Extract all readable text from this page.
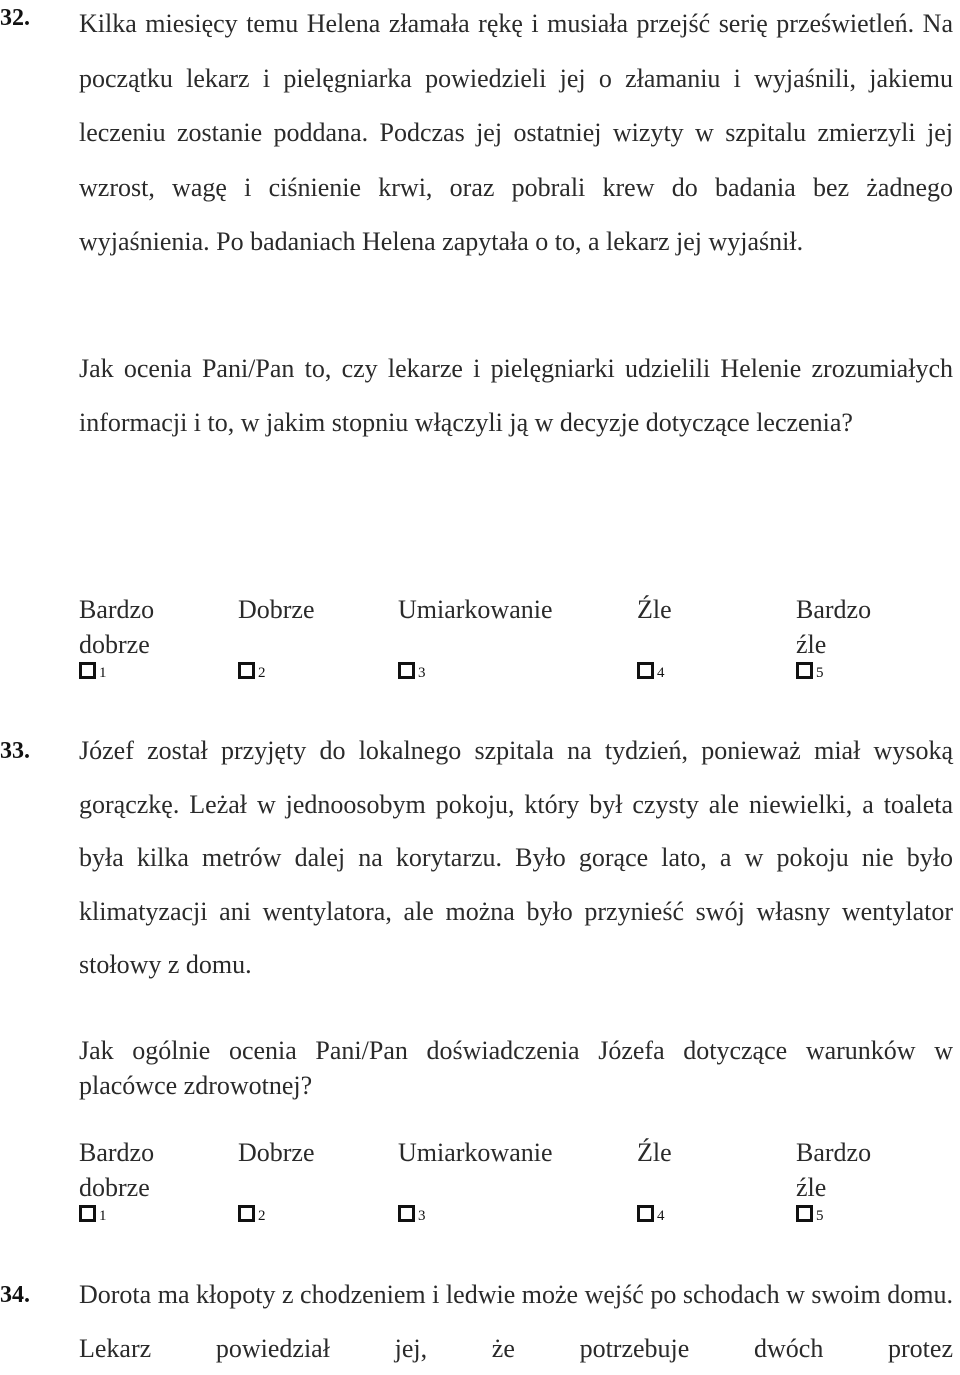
32. Kilka miesięcy temu Helena złamała rękę i musiała przejść serię prześwietleń. Na początku lekarz i pielęgniarka powiedzieli jej o złamaniu i wyjaśnili, jakiemu leczeniu zostanie poddana. Podczas jej ostatniej wizyty w szpitalu zmierzyli jej wzrost, wagę i ciśnienie krwi, oraz pobrali krew do badania bez żadnego wyjaśnienia. Po badaniach Helena zapytała o to, a lekarz jej wyjaśnił.

Jak ocenia Pani/Pan to, czy lekarze i pielęgniarki udzielili Helenie zrozumiałych informacji i to, w jakim stopniu włączyli ją w decyzje dotyczące leczenia?

Bardzo
dobrze
1
Dobrze
2
Umiarkowanie
3
Źle
4
Bardzo
źle
5

33. Józef został przyjęty do lokalnego szpitala na tydzień, ponieważ miał wysoką gorączkę. Leżał w jednoosobym pokoju, który był czysty ale niewielki, a toaleta była kilka metrów dalej na korytarzu. Było gorące lato, a w pokoju nie było klimatyzacji ani wentylatora, ale można było przynieść swój własny wentylator stołowy z domu.

Jak ogólnie ocenia Pani/Pan doświadczenia Józefa dotyczące warunków w placówce zdrowotnej?

Bardzo
dobrze
1
Dobrze
2
Umiarkowanie
3
Źle
4
Bardzo
źle
5

34. Dorota ma kłopoty z chodzeniem i ledwie może wejść po schodach w swoim domu. Lekarz powiedział jej, że potrzebuje dwóch protez
